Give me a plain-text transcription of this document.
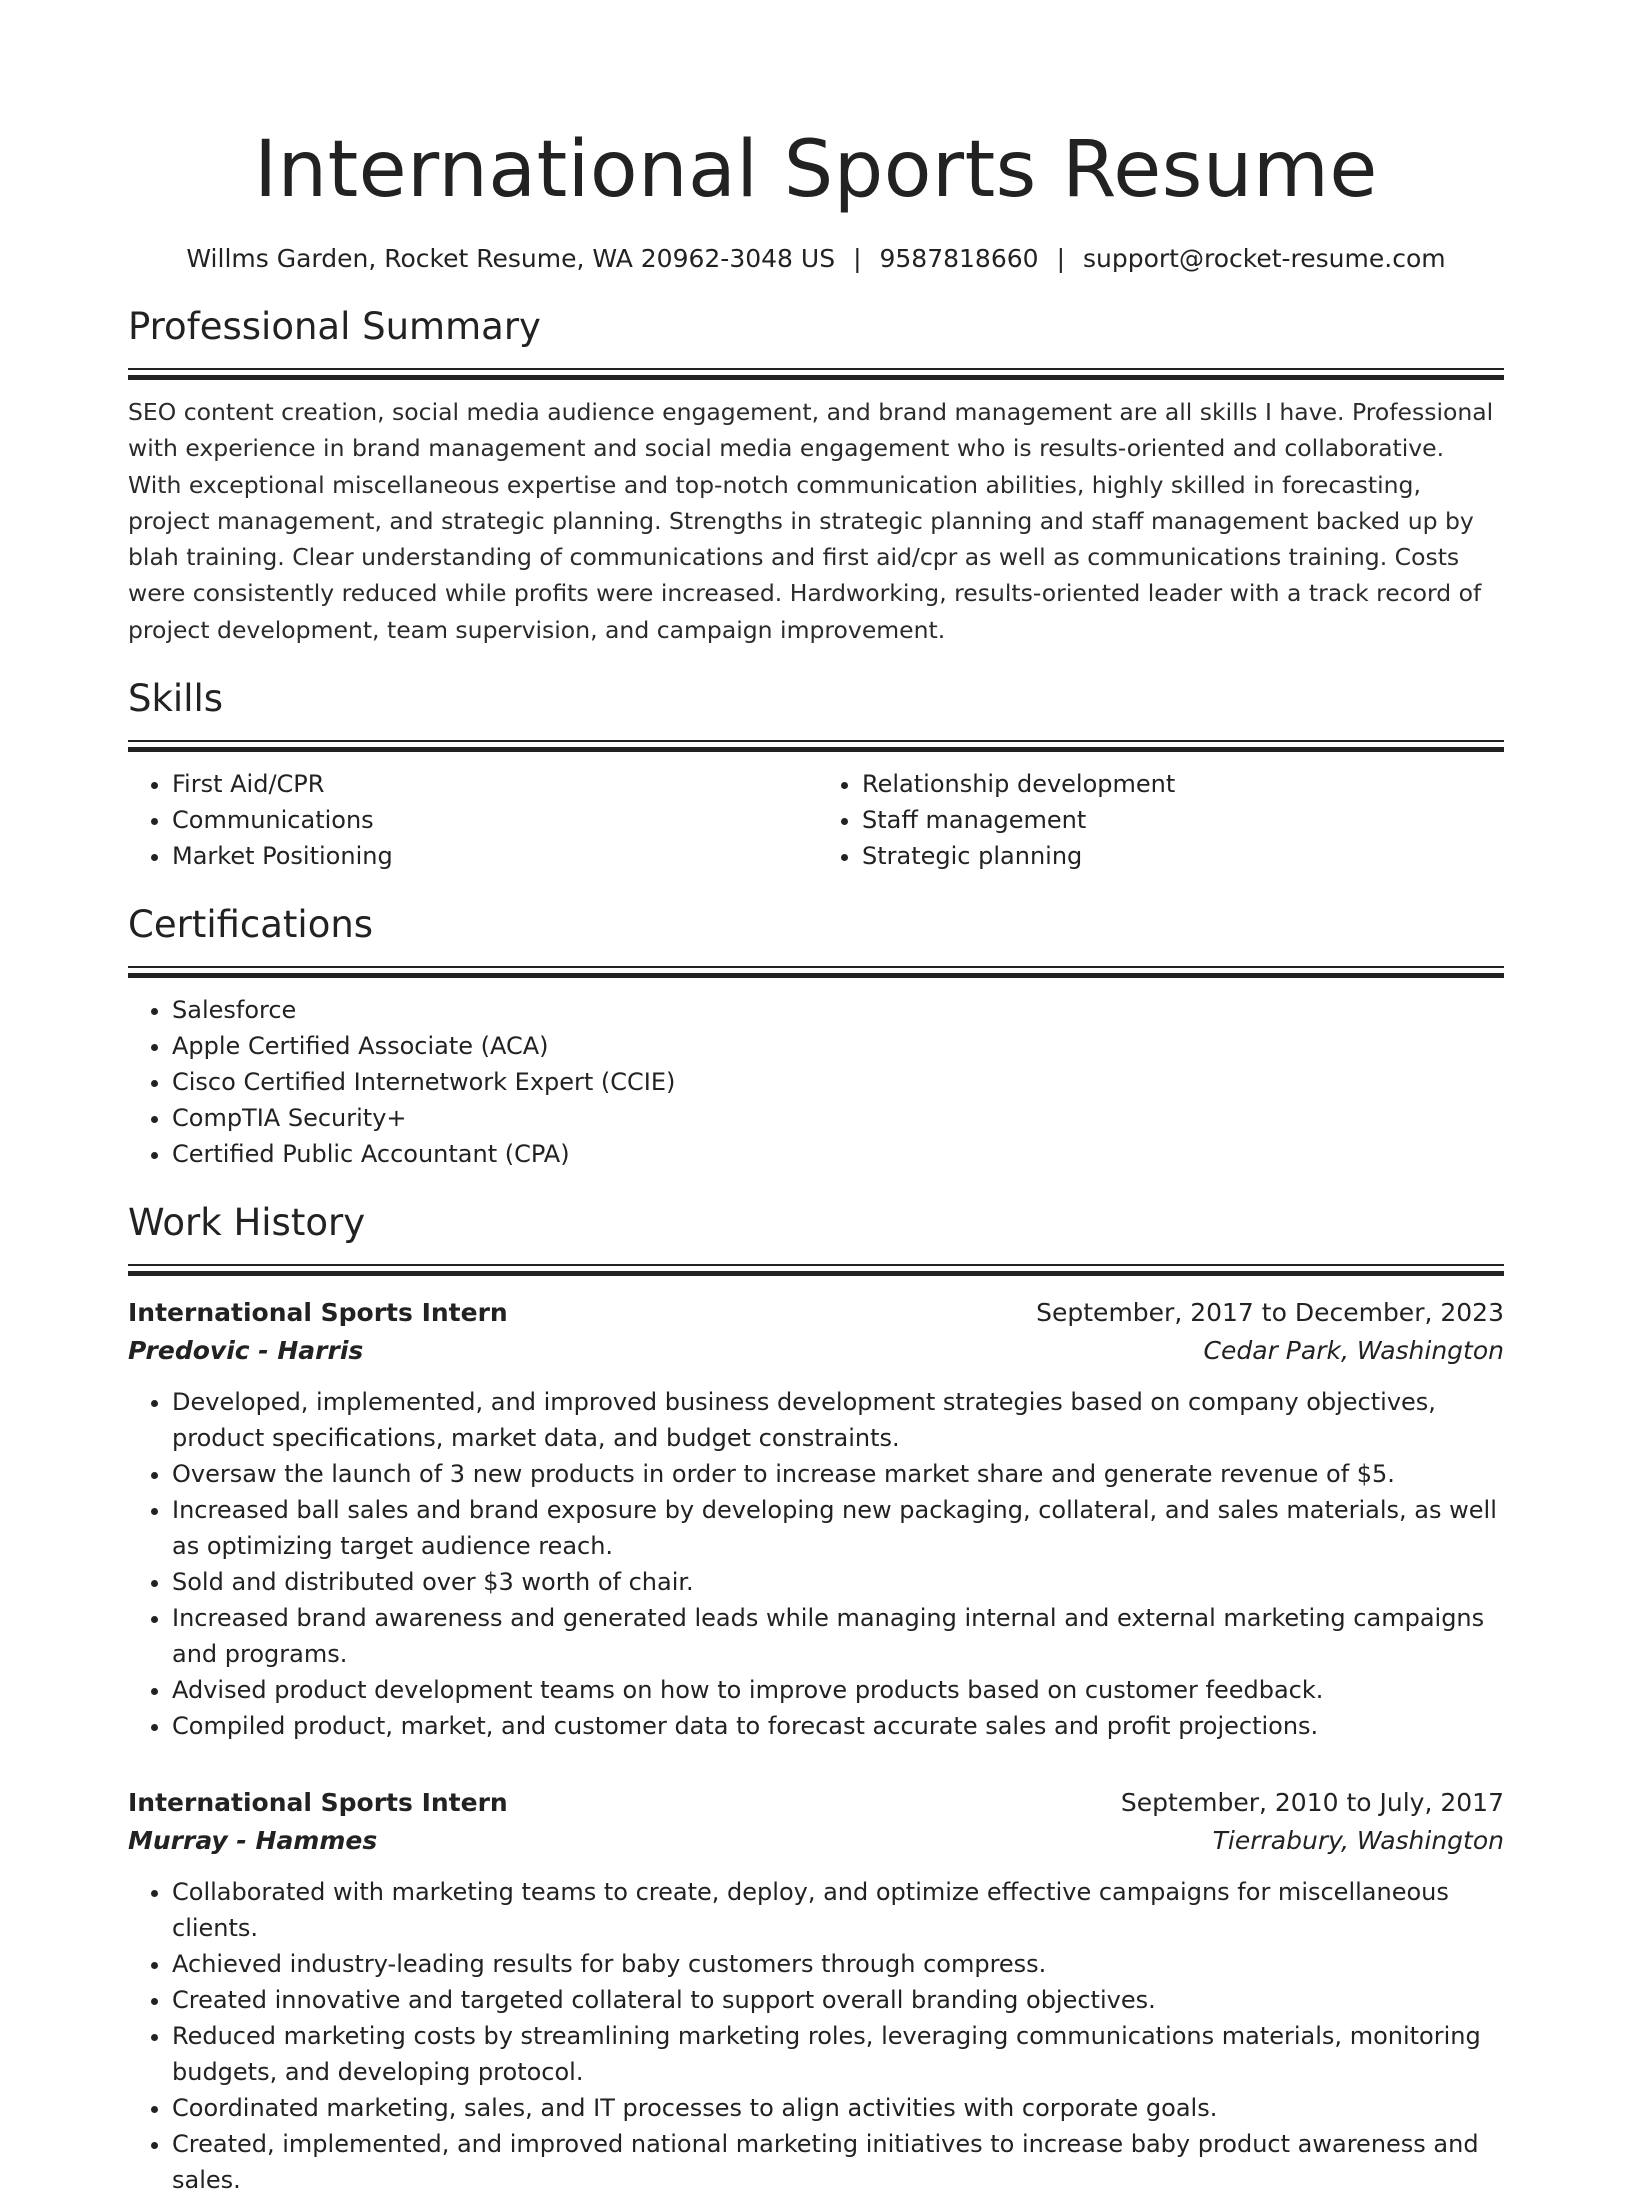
International Sports Resume
Willms Garden, Rocket Resume, WA 20962-3048 US | 9587818660 | support@rocket-resume.com
Professional Summary
SEO content creation, social media audience engagement, and brand management are all skills I have. Professional with experience in brand management and social media engagement who is results-oriented and collaborative. With exceptional miscellaneous expertise and top-notch communication abilities, highly skilled in forecasting, project management, and strategic planning. Strengths in strategic planning and staff management backed up by blah training. Clear understanding of communications and first aid/cpr as well as communications training. Costs were consistently reduced while profits were increased. Hardworking, results-oriented leader with a track record of project development, team supervision, and campaign improvement.
Skills
• First Aid/CPR
• Communications
• Market Positioning
• Relationship development
• Staff management
• Strategic planning
Certifications
• Salesforce
• Apple Certified Associate (ACA)
• Cisco Certified Internetwork Expert (CCIE)
• CompTIA Security+
• Certified Public Accountant (CPA)
Work History
International Sports Intern	September, 2017 to December, 2023
Predovic - Harris	Cedar Park, Washington
• Developed, implemented, and improved business development strategies based on company objectives, product specifications, market data, and budget constraints.
• Oversaw the launch of 3 new products in order to increase market share and generate revenue of $5.
• Increased ball sales and brand exposure by developing new packaging, collateral, and sales materials, as well as optimizing target audience reach.
• Sold and distributed over $3 worth of chair.
• Increased brand awareness and generated leads while managing internal and external marketing campaigns and programs.
• Advised product development teams on how to improve products based on customer feedback.
• Compiled product, market, and customer data to forecast accurate sales and profit projections.
International Sports Intern	September, 2010 to July, 2017
Murray - Hammes	Tierrabury, Washington
• Collaborated with marketing teams to create, deploy, and optimize effective campaigns for miscellaneous clients.
• Achieved industry-leading results for baby customers through compress.
• Created innovative and targeted collateral to support overall branding objectives.
• Reduced marketing costs by streamlining marketing roles, leveraging communications materials, monitoring budgets, and developing protocol.
• Coordinated marketing, sales, and IT processes to align activities with corporate goals.
• Created, implemented, and improved national marketing initiatives to increase baby product awareness and sales.
